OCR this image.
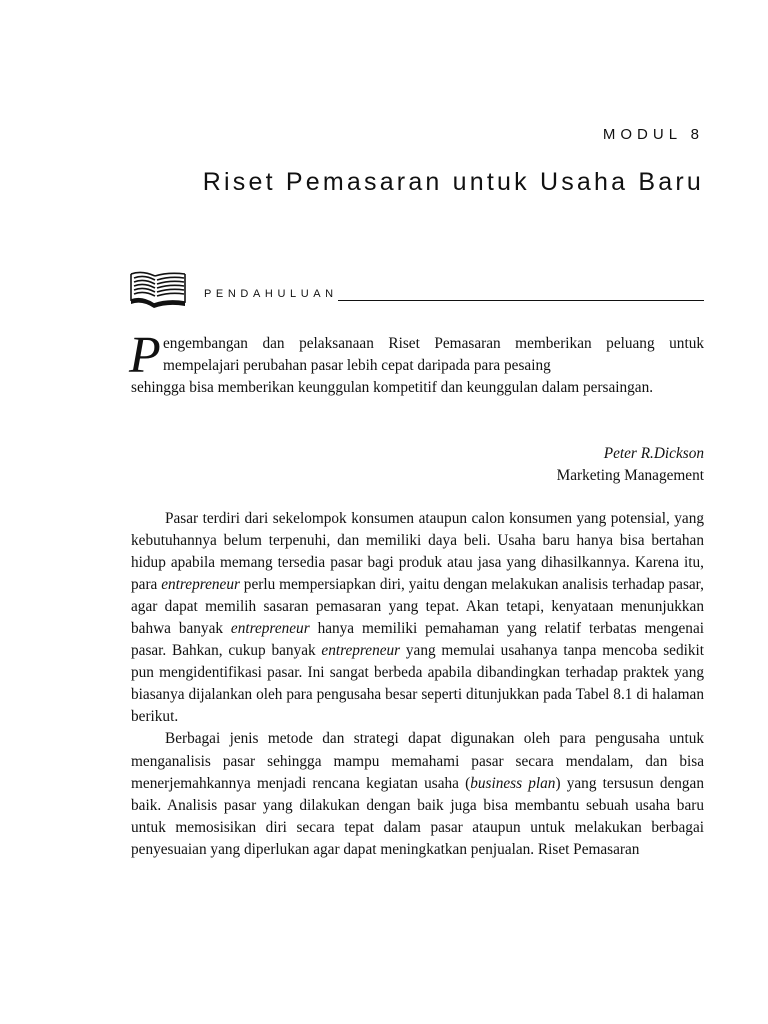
MODUL 8
Riset Pemasaran untuk Usaha Baru
PENDAHULUAN
P engembangan dan pelaksanaan Riset Pemasaran memberikan peluang untuk mempelajari perubahan pasar lebih cepat daripada para pesaing

sehingga bisa memberikan keunggulan kompetitif dan keunggulan dalam persaingan.

Peter R.Dickson
Marketing Management

Pasar terdiri dari sekelompok konsumen ataupun calon konsumen yang potensial, yang kebutuhannya belum terpenuhi, dan memiliki daya beli. Usaha baru hanya bisa bertahan hidup apabila memang tersedia pasar bagi produk atau jasa yang dihasilkannya. Karena itu, para entrepreneur perlu mempersiapkan diri, yaitu dengan melakukan analisis terhadap pasar, agar dapat memilih sasaran pemasaran yang tepat. Akan tetapi, kenyataan menunjukkan bahwa banyak entrepreneur hanya memiliki pemahaman yang relatif terbatas mengenai pasar. Bahkan, cukup banyak entrepreneur yang memulai usahanya tanpa mencoba sedikit pun mengidentifikasi pasar. Ini sangat berbeda apabila dibandingkan terhadap praktek yang biasanya dijalankan oleh para pengusaha besar seperti ditunjukkan pada Tabel 8.1 di halaman berikut.

Berbagai jenis metode dan strategi dapat digunakan oleh para pengusaha untuk menganalisis pasar sehingga mampu memahami pasar secara mendalam, dan bisa menerjemahkannya menjadi rencana kegiatan usaha (business plan) yang tersusun dengan baik. Analisis pasar yang dilakukan dengan baik juga bisa membantu sebuah usaha baru untuk memosisikan diri secara tepat dalam pasar ataupun untuk melakukan berbagai penyesuaian yang diperlukan agar dapat meningkatkan penjualan. Riset Pemasaran
